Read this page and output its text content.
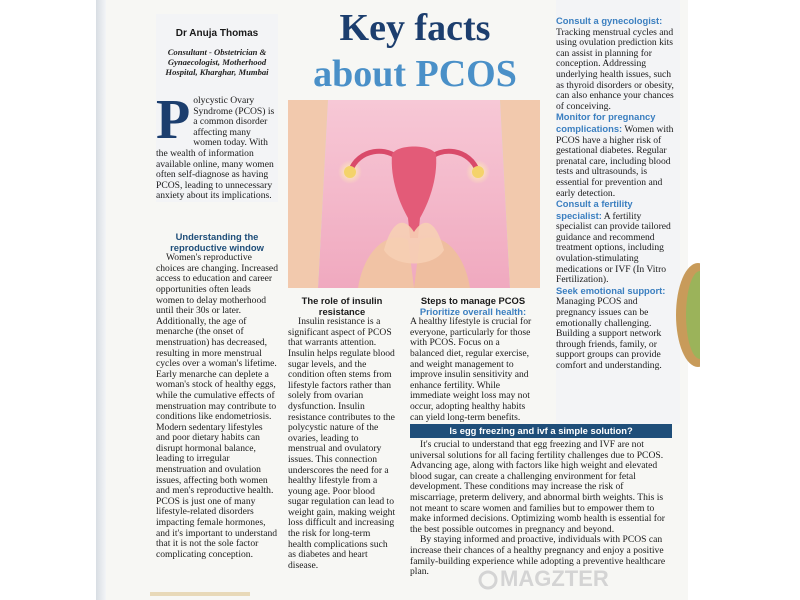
Dr Anuja Thomas
Consultant - Obstetrician & Gynaecologist, Motherhood Hospital, Kharghar, Mumbai
Key facts
about PCOS
Polycystic Ovary Syndrome (PCOS) is a common disorder affecting many women today. With the wealth of information available online, many women often self-diagnose as having PCOS, leading to unnecessary anxiety about its implications.
Understanding the reproductive window

Women's reproductive choices are changing. Increased access to education and career opportunities often leads women to delay motherhood until their 30s or later. Additionally, the age of menarche (the onset of menstruation) has decreased, resulting in more menstrual cycles over a woman's lifetime. Early menarche can deplete a woman's stock of healthy eggs, while the cumulative effects of menstruation may contribute to conditions like endometriosis. Modern sedentary lifestyles and poor dietary habits can disrupt hormonal balance, leading to irregular menstruation and ovulation issues, affecting both women and men's reproductive health. PCOS is just one of many lifestyle-related disorders impacting female hormones, and it's important to understand that it is not the sole factor complicating conception.

The role of insulin resistance

Insulin resistance is a significant aspect of PCOS that warrants attention. Insulin helps regulate blood sugar levels, and the condition often stems from lifestyle factors rather than solely from ovarian dysfunction. Insulin resistance contributes to the polycystic nature of the ovaries, leading to menstrual and ovulatory issues. This connection underscores the need for a healthy lifestyle from a young age. Poor blood sugar regulation can lead to weight gain, making weight loss difficult and increasing the risk for long-term health complications such as diabetes and heart disease.

Steps to manage PCOS
Prioritize overall health:
A healthy lifestyle is crucial for everyone, particularly for those with PCOS. Focus on a balanced diet, regular exercise, and weight management to improve insulin sensitivity and enhance fertility. While immediate weight loss may not occur, adopting healthy habits can yield long-term benefits.
Consult a gynecologist: Tracking menstrual cycles and using ovulation prediction kits can assist in planning for conception. Addressing underlying health issues, such as thyroid disorders or obesity, can also enhance your chances of conceiving.
Monitor for pregnancy complications: Women with PCOS have a higher risk of gestational diabetes. Regular prenatal care, including blood tests and ultrasounds, is essential for prevention and early detection.
Consult a fertility specialist: A fertility specialist can provide tailored guidance and recommend treatment options, including ovulation-stimulating medications or IVF (In Vitro Fertilization).
Seek emotional support: Managing PCOS and pregnancy issues can be emotionally challenging. Building a support network through friends, family, or support groups can provide comfort and understanding.
Is egg freezing and ivf a simple solution?

It's crucial to understand that egg freezing and IVF are not universal solutions for all facing fertility challenges due to PCOS. Advancing age, along with factors like high weight and elevated blood sugar, can create a challenging environment for fetal development. These conditions may increase the risk of miscarriage, preterm delivery, and abnormal birth weights. This is not meant to scare women and families but to empower them to make informed decisions. Optimizing womb health is essential for the best possible outcomes in pregnancy and beyond.

By staying informed and proactive, individuals with PCOS can increase their chances of a healthy pregnancy and enjoy a positive family-building experience while adopting a preventive healthcare plan.	MAGZTER
